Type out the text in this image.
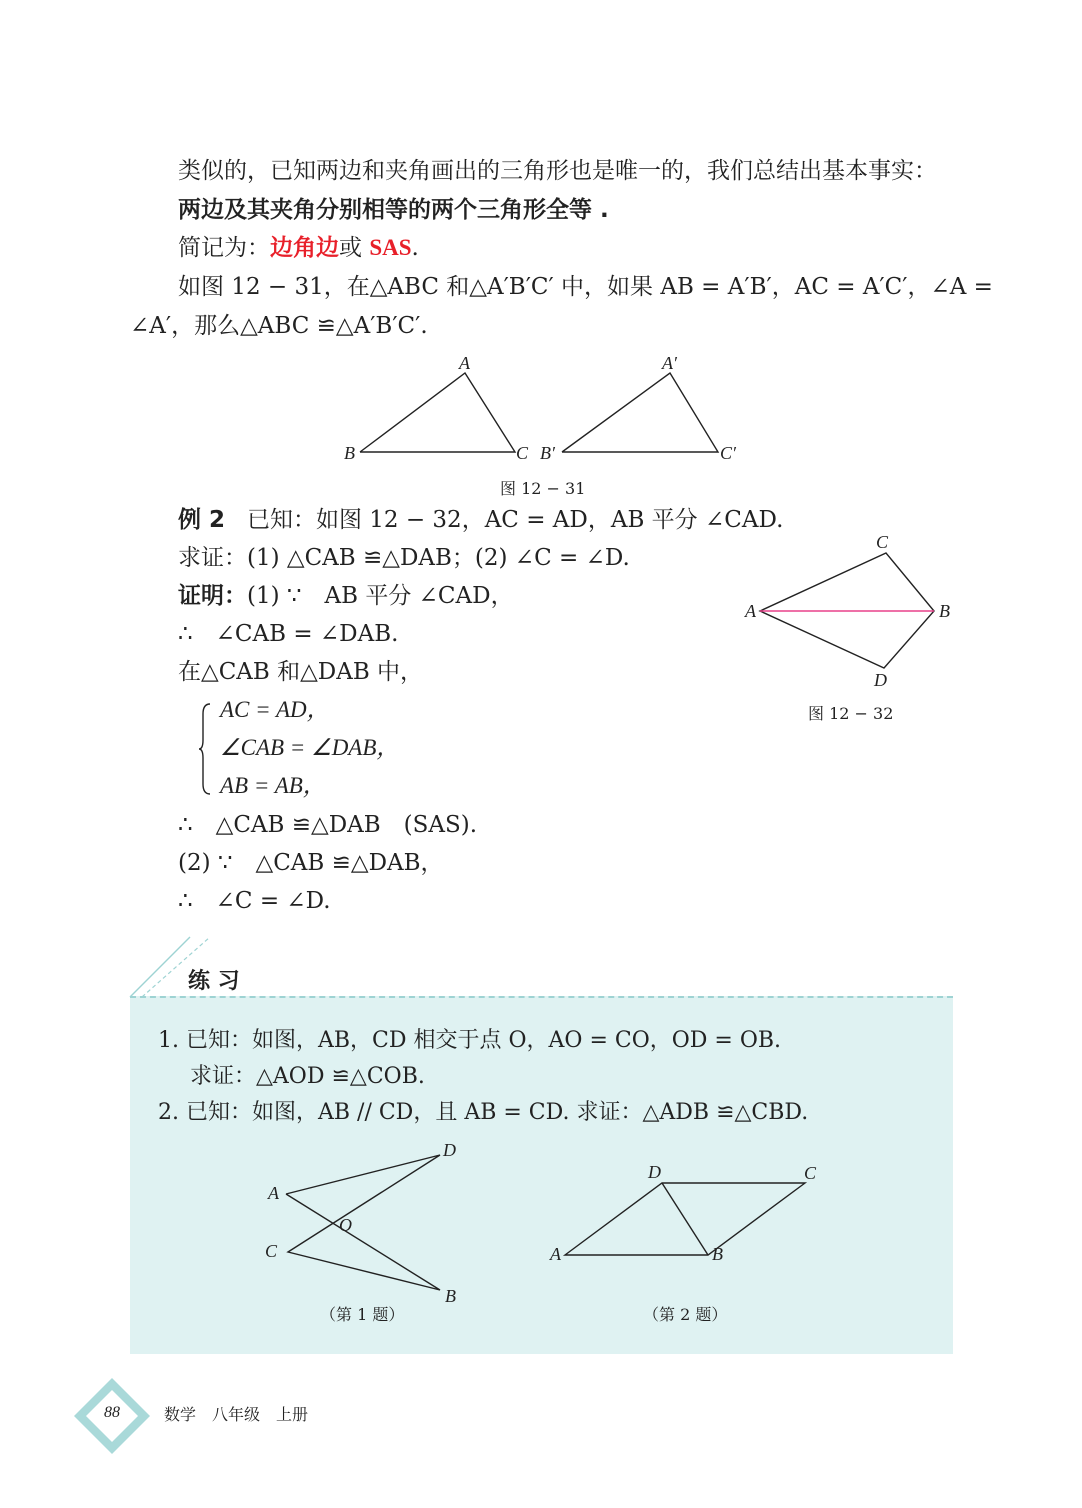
类似的，已知两边和夹角画出的三角形也是唯一的，我们总结出基本事实：
两边及其夹角分别相等的两个三角形全等 .
简记为：边角边或 SAS.
如图 12 − 31，在△ABC 和△A′B′C′ 中，如果 AB = A′B′，AC = A′C′，∠A =
∠A′，那么△ABC ≌△A′B′C′.
A
B	C
A′
B′	C′
图 12 − 31
例 2 已知：如图 12 − 32，AC = AD，AB 平分 ∠CAD.
求证：(1) △CAB ≌△DAB；(2) ∠C = ∠D.
证明：(1) ∵　AB 平分 ∠CAD，
∴　∠CAB = ∠DAB.
在△CAB 和△DAB 中，
AC = AD，
∠CAB = ∠DAB，
AB = AB，
∴　△CAB ≌△DAB　(SAS).
(2) ∵　△CAB ≌△DAB，
∴　∠C = ∠D.
C
A	B
D
图 12 − 32
练 习
1. 已知：如图，AB，CD 相交于点 O，AO = CO，OD = OB.
求证：△AOD ≌△COB.
2. 已知：如图，AB // CD，且 AB = CD. 求证：△ADB ≌△CBD.
D
A
O
C
B
（第 1 题）
D	C
A	B
（第 2 题）
88	数学　八年级　上册
